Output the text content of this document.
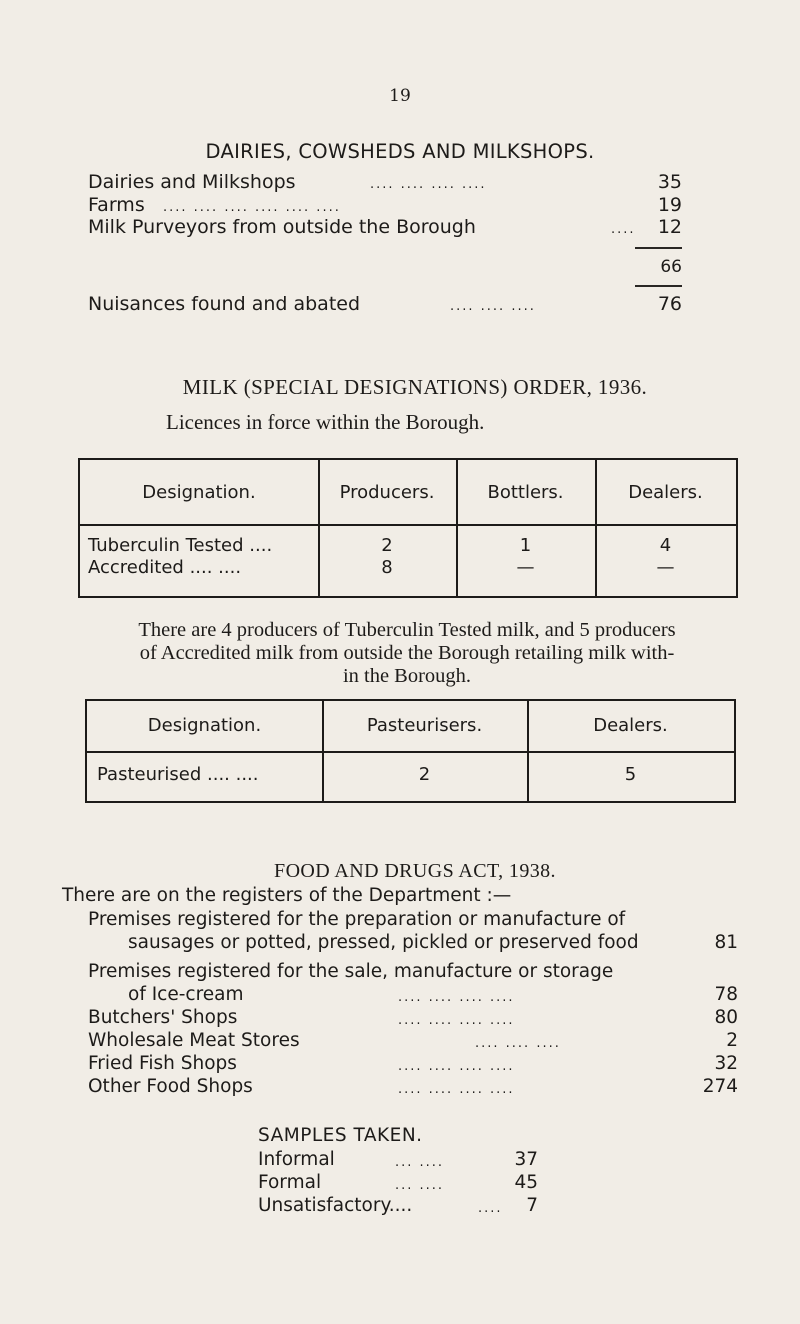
19
DAIRIES, COWSHEDS AND MILKSHOPS.
Dairies and Milkshops	.... .... .... ....	35
Farms .... .... .... .... .... ....	19
Milk Purveyors from outside the Borough	....	12
66
Nuisances found and abated	.... .... ....	76
MILK (SPECIAL DESIGNATIONS) ORDER, 1936.
Licences in force within the Borough.
Designation.	Producers.	Bottlers.	Dealers.
Tuberculin Tested ....	2	1	4
Accredited .... ....	8	—	—
There are 4 producers of Tuberculin Tested milk, and 5 producers
of Accredited milk from outside the Borough retailing milk with-
in the Borough.
Designation.	Pasteurisers.	Dealers.
Pasteurised .... ....	2	5
FOOD AND DRUGS ACT, 1938.
There are on the registers of the Department :—
Premises registered for the preparation or manufacture of
sausages or potted, pressed, pickled or preserved food	81
Premises registered for the sale, manufacture or storage
of Ice-cream	.... .... .... ....	78
Butchers' Shops	.... .... .... ....	80
Wholesale Meat Stores	.... .... ....	2
Fried Fish Shops	.... .... .... ....	32
Other Food Shops	.... .... .... ....	274
SAMPLES TAKEN.
Informal	... ....	37
Formal	... ....	45
Unsatisfactory....	....	7
